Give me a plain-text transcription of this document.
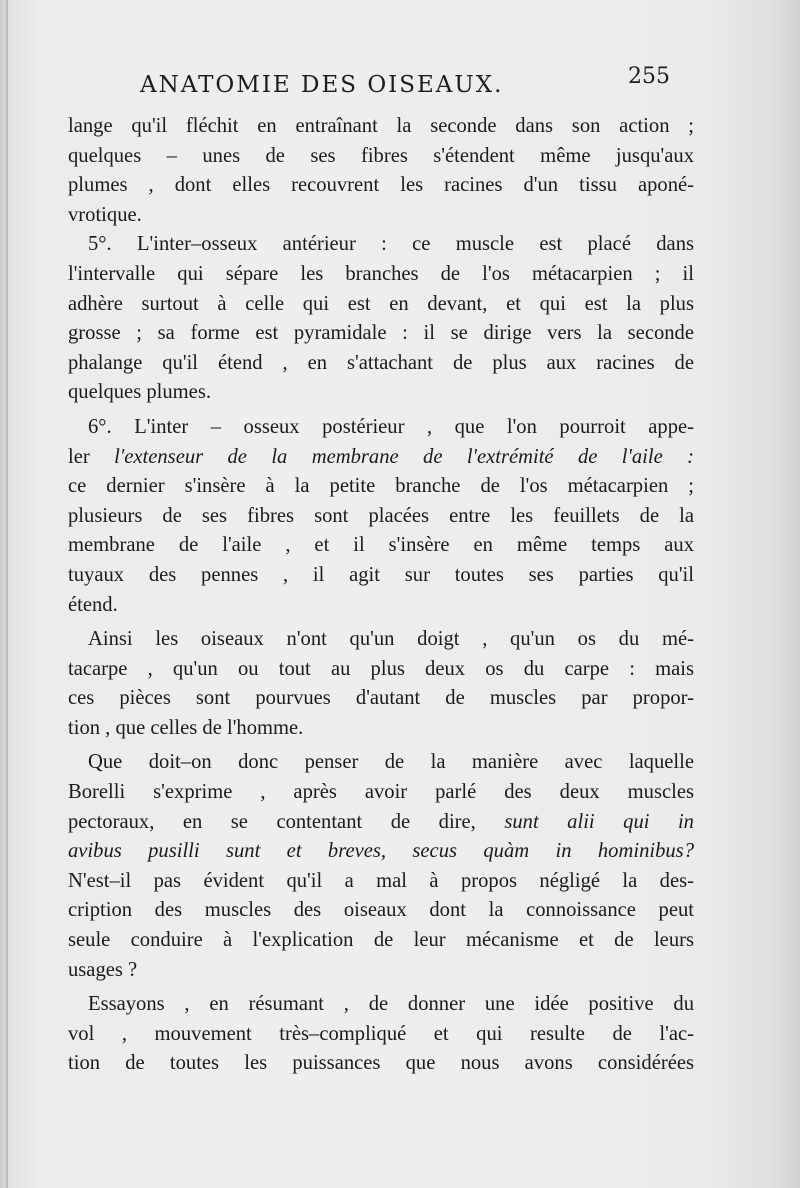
ANATOMIE DES OISEAUX.	255
lange qu'il fléchit en entraînant la seconde dans son action ;
quelques – unes de ses fibres s'étendent même jusqu'aux
plumes , dont elles recouvrent les racines d'un tissu aponé-
vrotique.
5°. L'inter–osseux antérieur : ce muscle est placé dans
l'intervalle qui sépare les branches de l'os métacarpien ; il
adhère surtout à celle qui est en devant, et qui est la plus
grosse ; sa forme est pyramidale : il se dirige vers la seconde
phalange qu'il étend , en s'attachant de plus aux racines de
quelques plumes.
6°. L'inter – osseux postérieur , que l'on pourroit appe-
ler l'extenseur de la membrane de l'extrémité de l'aile :
ce dernier s'insère à la petite branche de l'os métacarpien ;
plusieurs de ses fibres sont placées entre les feuillets de la
membrane de l'aile , et il s'insère en même temps aux
tuyaux des pennes , il agit sur toutes ses parties qu'il
étend.
Ainsi les oiseaux n'ont qu'un doigt , qu'un os du mé-
tacarpe , qu'un ou tout au plus deux os du carpe : mais
ces pièces sont pourvues d'autant de muscles par propor-
tion , que celles de l'homme.
Que doit–on donc penser de la manière avec laquelle
Borelli s'exprime , après avoir parlé des deux muscles
pectoraux, en se contentant de dire, sunt alii qui in
avibus pusilli sunt et breves, secus quàm in hominibus?
N'est–il pas évident qu'il a mal à propos négligé la des-
cription des muscles des oiseaux dont la connoissance peut
seule conduire à l'explication de leur mécanisme et de leurs
usages ?
Essayons , en résumant , de donner une idée positive du
vol , mouvement très–compliqué et qui resulte de l'ac-
tion de toutes les puissances que nous avons considérées
